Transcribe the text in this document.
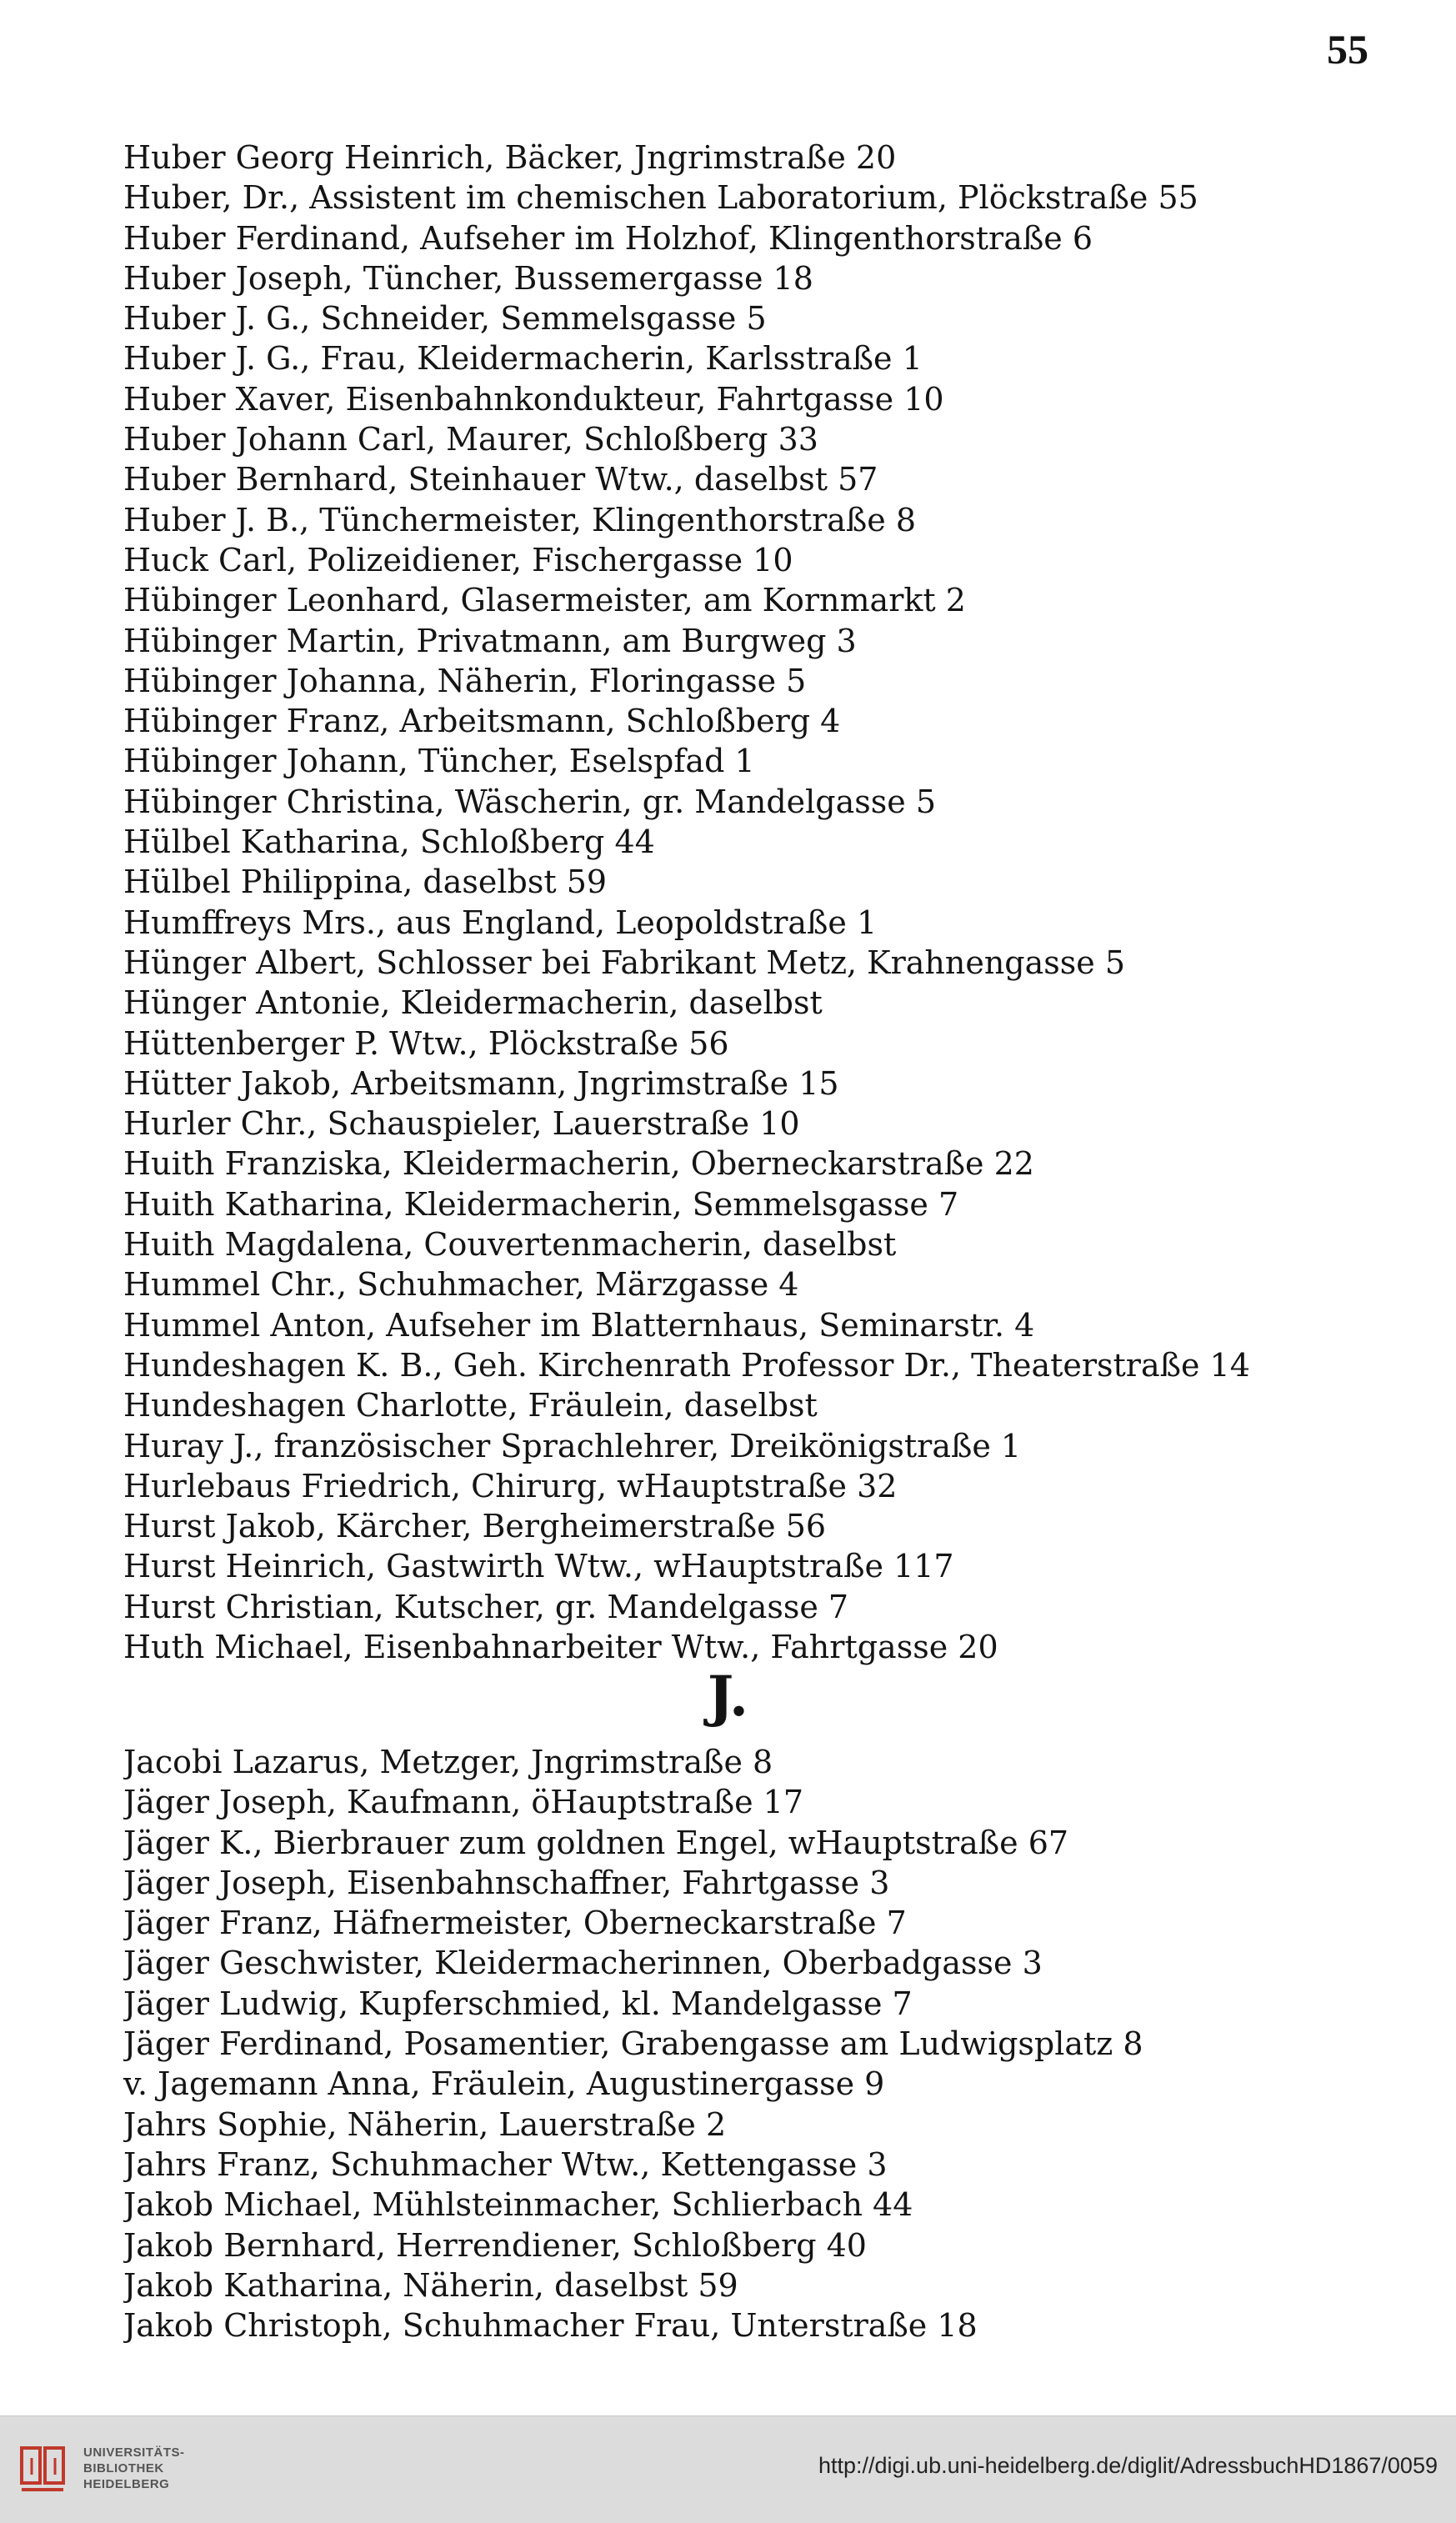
55
Huber Georg Heinrich, Bäcker, Jngrimstraße 20
Huber, Dr., Assistent im chemischen Laboratorium, Plöckstraße 55
Huber Ferdinand, Aufseher im Holzhof, Klingenthorstraße 6
Huber Joseph, Tüncher, Bussemergasse 18
Huber J. G., Schneider, Semmelsgasse 5
Huber J. G., Frau, Kleidermacherin, Karlsstraße 1
Huber Xaver, Eisenbahnkondukteur, Fahrtgasse 10
Huber Johann Carl, Maurer, Schloßberg 33
Huber Bernhard, Steinhauer Wtw., daselbst 57
Huber J. B., Tünchermeister, Klingenthorstraße 8
Huck Carl, Polizeidiener, Fischergasse 10
Hübinger Leonhard, Glasermeister, am Kornmarkt 2
Hübinger Martin, Privatmann, am Burgweg 3
Hübinger Johanna, Näherin, Floringasse 5
Hübinger Franz, Arbeitsmann, Schloßberg 4
Hübinger Johann, Tüncher, Eselspfad 1
Hübinger Christina, Wäscherin, gr. Mandelgasse 5
Hülbel Katharina, Schloßberg 44
Hülbel Philippina, daselbst 59
Humffreys Mrs., aus England, Leopoldstraße 1
Hünger Albert, Schlosser bei Fabrikant Metz, Krahnengasse 5
Hünger Antonie, Kleidermacherin, daselbst
Hüttenberger P. Wtw., Plöckstraße 56
Hütter Jakob, Arbeitsmann, Jngrimstraße 15
Hurler Chr., Schauspieler, Lauerstraße 10
Huith Franziska, Kleidermacherin, Oberneckarstraße 22
Huith Katharina, Kleidermacherin, Semmelsgasse 7
Huith Magdalena, Couvertenmacherin, daselbst
Hummel Chr., Schuhmacher, Märzgasse 4
Hummel Anton, Aufseher im Blatternhaus, Seminarstr. 4
Hundeshagen K. B., Geh. Kirchenrath Professor Dr., Theaterstraße 14
Hundeshagen Charlotte, Fräulein, daselbst
Huray J., französischer Sprachlehrer, Dreikönigstraße 1
Hurlebaus Friedrich, Chirurg, wHauptstraße 32
Hurst Jakob, Kärcher, Bergheimerstraße 56
Hurst Heinrich, Gastwirth Wtw., wHauptstraße 117
Hurst Christian, Kutscher, gr. Mandelgasse 7
Huth Michael, Eisenbahnarbeiter Wtw., Fahrtgasse 20
J.
Jacobi Lazarus, Metzger, Jngrimstraße 8
Jäger Joseph, Kaufmann, öHauptstraße 17
Jäger K., Bierbrauer zum goldnen Engel, wHauptstraße 67
Jäger Joseph, Eisenbahnschaffner, Fahrtgasse 3
Jäger Franz, Häfnermeister, Oberneckarstraße 7
Jäger Geschwister, Kleidermacherinnen, Oberbadgasse 3
Jäger Ludwig, Kupferschmied, kl. Mandelgasse 7
Jäger Ferdinand, Posamentier, Grabengasse am Ludwigsplatz 8
v. Jagemann Anna, Fräulein, Augustinergasse 9
Jahrs Sophie, Näherin, Lauerstraße 2
Jahrs Franz, Schuhmacher Wtw., Kettengasse 3
Jakob Michael, Mühlsteinmacher, Schlierbach 44
Jakob Bernhard, Herrendiener, Schloßberg 40
Jakob Katharina, Näherin, daselbst 59
Jakob Christoph, Schuhmacher Frau, Unterstraße 18
UNIVERSITÄTS-
BIBLIOTHEK
HEIDELBERG
http://digi.ub.uni-heidelberg.de/diglit/AdressbuchHD1867/0059
